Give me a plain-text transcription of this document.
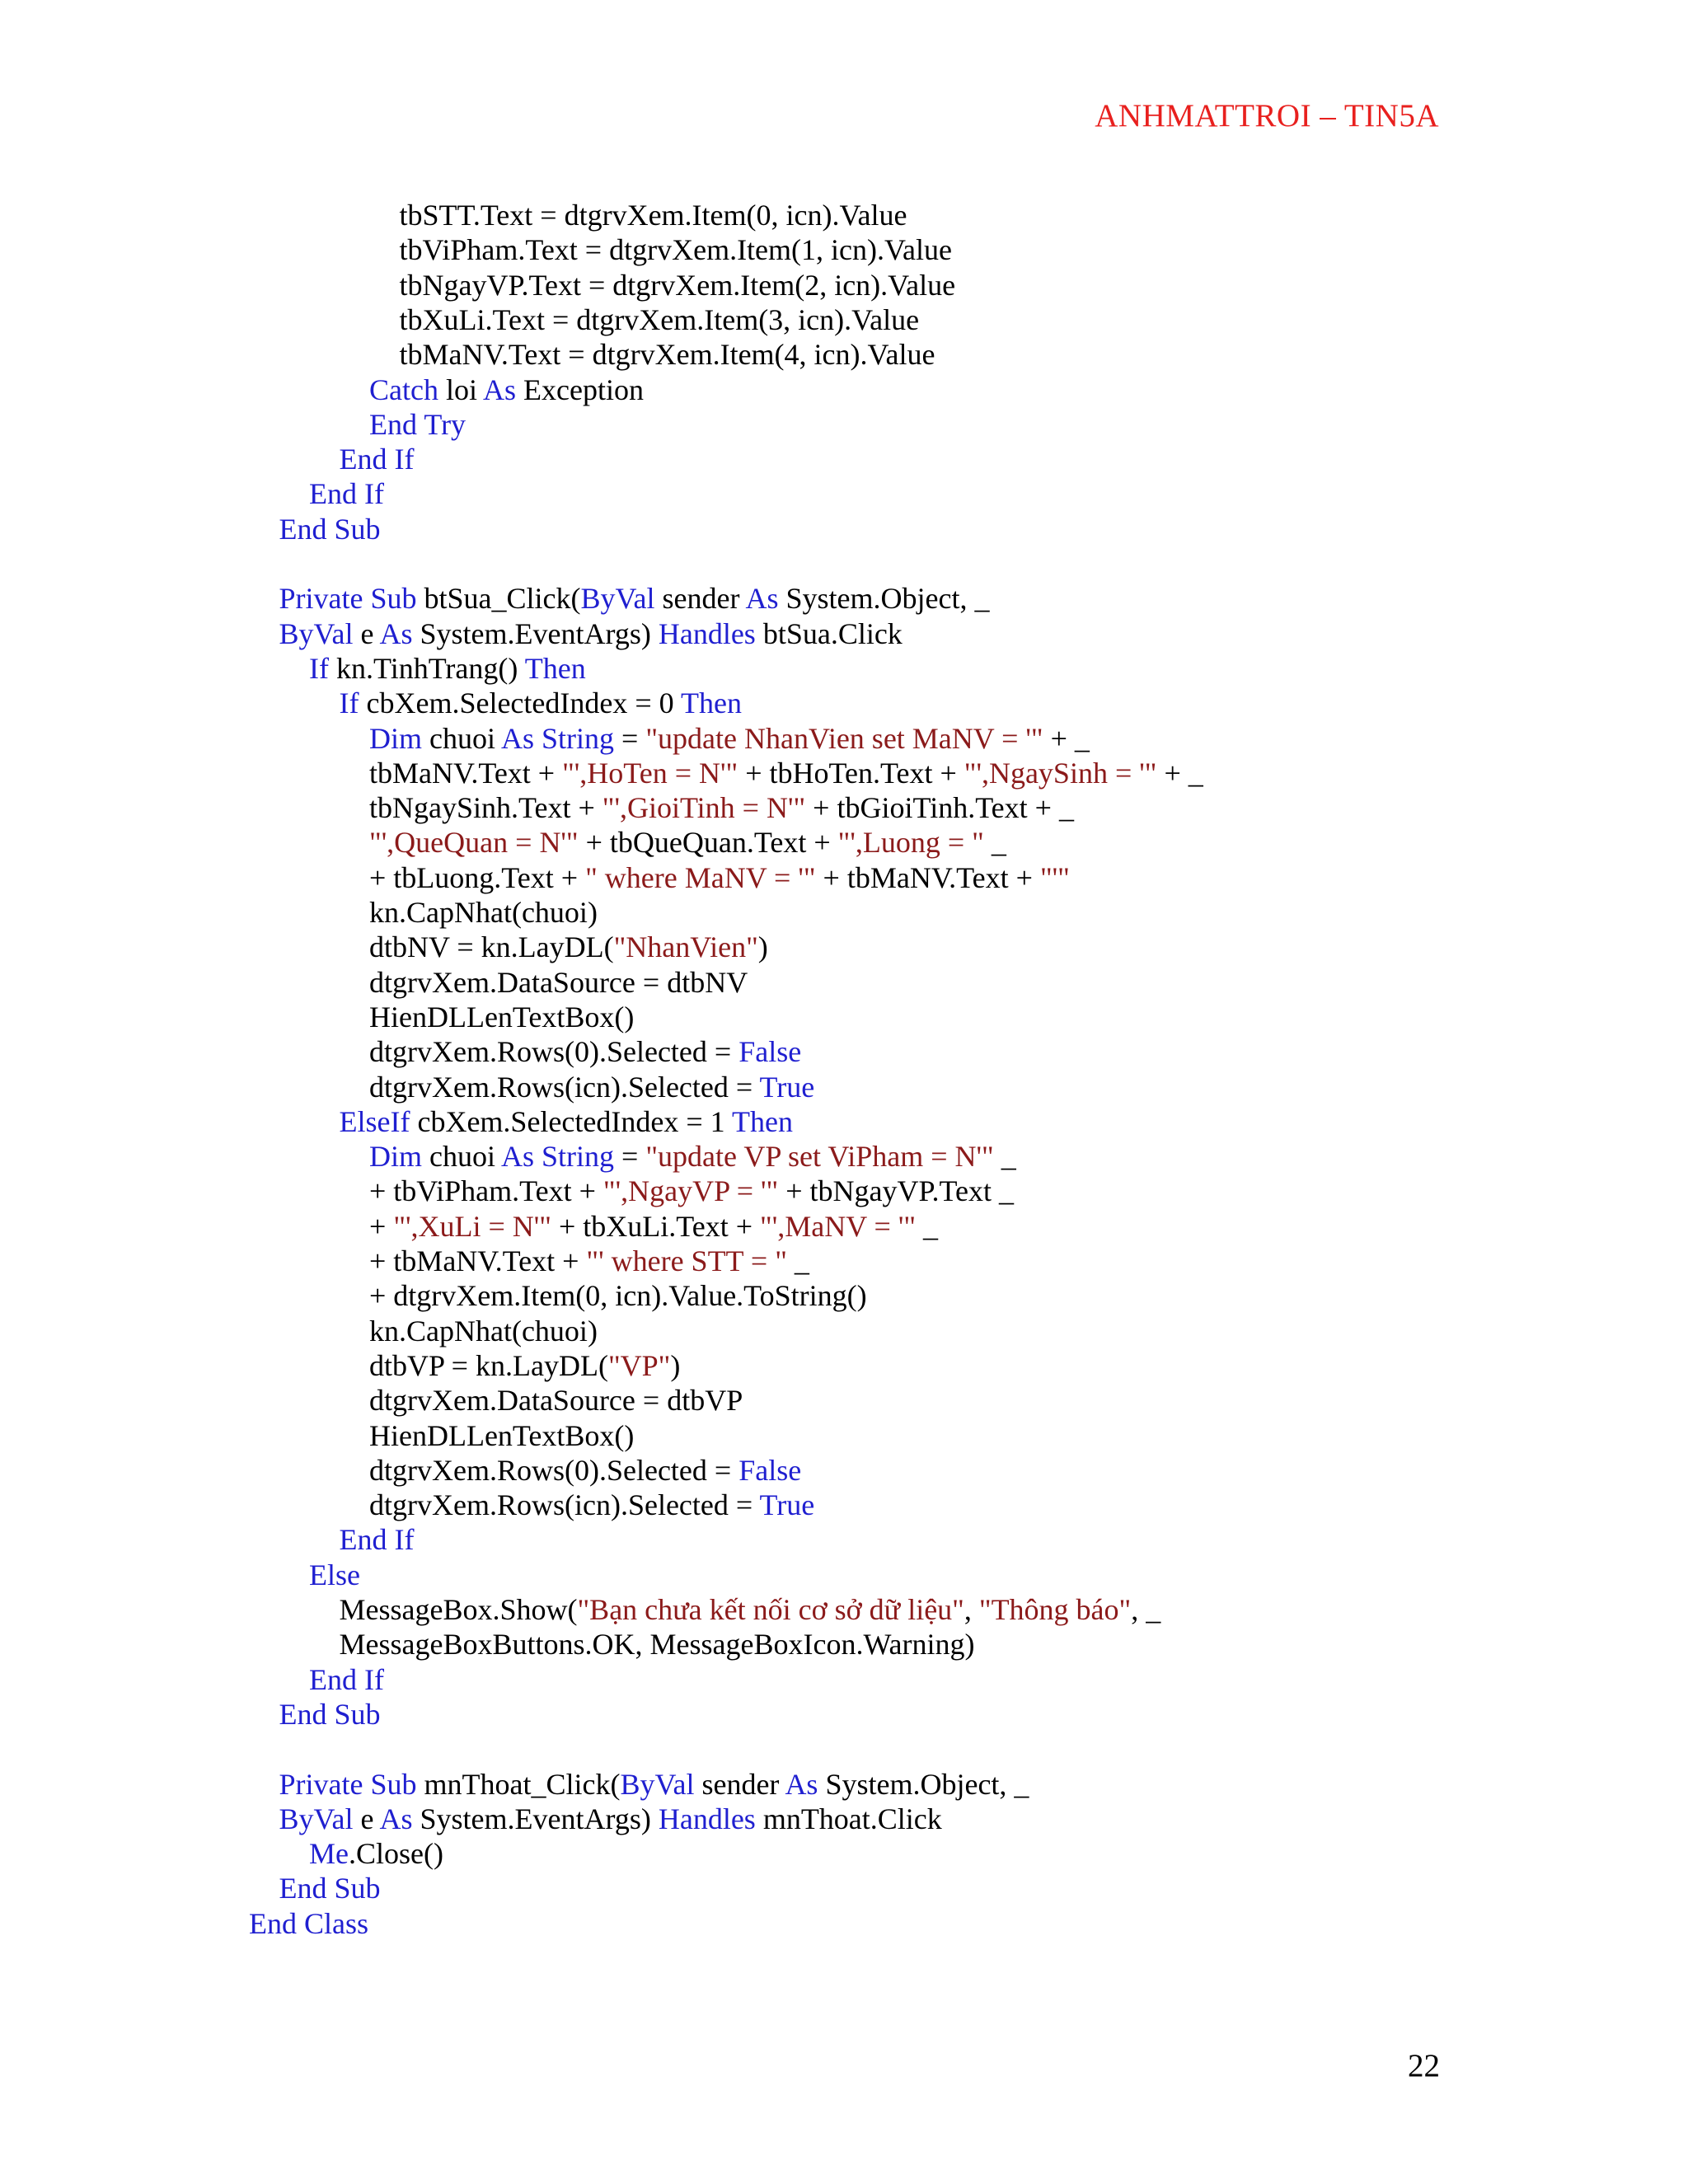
ANHMATTROI – TIN5A
tbSTT.Text = dtgrvXem.Item(0, icn).Value
tbViPham.Text = dtgrvXem.Item(1, icn).Value
tbNgayVP.Text = dtgrvXem.Item(2, icn).Value
tbXuLi.Text = dtgrvXem.Item(3, icn).Value
tbMaNV.Text = dtgrvXem.Item(4, icn).Value
Catch loi As Exception
End Try
End If
End If
End Sub
Private Sub btSua_Click(ByVal sender As System.Object, _
ByVal e As System.EventArgs) Handles btSua.Click
If kn.TinhTrang() Then
If cbXem.SelectedIndex = 0 Then
Dim chuoi As String = "update NhanVien set MaNV = '" + _
tbMaNV.Text + "',HoTen = N'" + tbHoTen.Text + "',NgaySinh = '" + _
tbNgaySinh.Text + "',GioiTinh = N'" + tbGioiTinh.Text + _
"',QueQuan = N'" + tbQueQuan.Text + "',Luong = " _
+ tbLuong.Text + " where MaNV = '" + tbMaNV.Text + "'"
kn.CapNhat(chuoi)
dtbNV = kn.LayDL("NhanVien")
dtgrvXem.DataSource = dtbNV
HienDLLenTextBox()
dtgrvXem.Rows(0).Selected = False
dtgrvXem.Rows(icn).Selected = True
ElseIf cbXem.SelectedIndex = 1 Then
Dim chuoi As String = "update VP set ViPham = N'" _
+ tbViPham.Text + "',NgayVP = '" + tbNgayVP.Text _
+ "',XuLi = N'" + tbXuLi.Text + "',MaNV = '" _
+ tbMaNV.Text + "' where STT = " _
+ dtgrvXem.Item(0, icn).Value.ToString()
kn.CapNhat(chuoi)
dtbVP = kn.LayDL("VP")
dtgrvXem.DataSource = dtbVP
HienDLLenTextBox()
dtgrvXem.Rows(0).Selected = False
dtgrvXem.Rows(icn).Selected = True
End If
Else
MessageBox.Show("Bạn chưa kết nối cơ sở dữ liệu", "Thông báo", _
MessageBoxButtons.OK, MessageBoxIcon.Warning)
End If
End Sub
Private Sub mnThoat_Click(ByVal sender As System.Object, _
ByVal e As System.EventArgs) Handles mnThoat.Click
Me.Close()
End Sub
End Class
22
